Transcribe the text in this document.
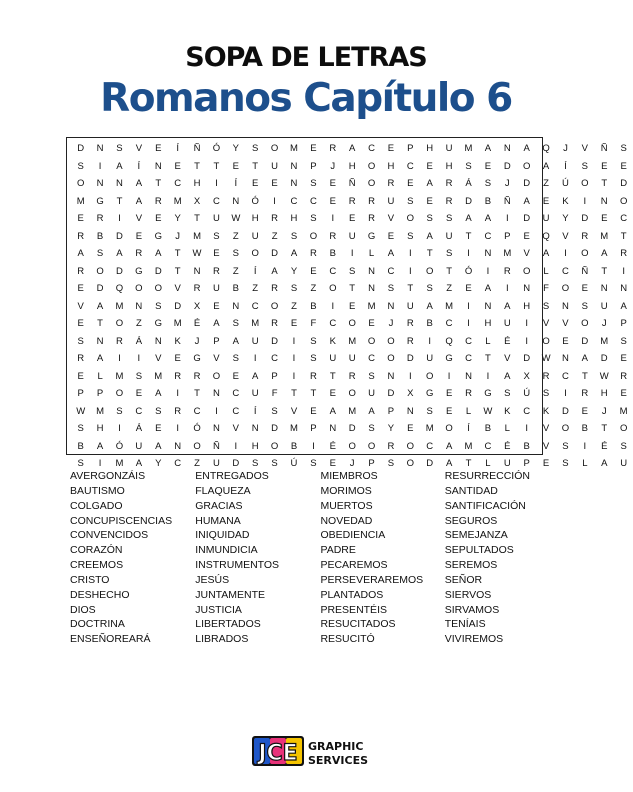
SOPA DE LETRAS
Romanos Capítulo 6
D	N	S	V	E	Í	Ñ	Ó	Y	S	O	M	E	R	A	C	E	P	H	U	M	A	N	A	Q	J	V	Ñ	S
S	I	A	Í	N	E	T	T	E	T	U	N	P	J	H	O	H	C	E	H	S	E	D	O	A	Í	S	E	E
O	N	N	A	T	C	H	I	Í	E	E	N	S	E	Ñ	O	R	E	A	R	Á	S	J	D	Z	Ú	O	T	D
M	G	T	A	R	M	X	C	N	Ó	I	C	C	E	R	R	U	S	E	R	D	B	Ñ	A	E	K	I	N	O
E	R	I	V	E	Y	T	U	W	H	R	H	S	I	E	R	V	O	S	S	A	A	I	D	U	Y	D	E	C
R	B	D	E	G	J	M	S	Z	U	Z	S	O	R	U	G	E	S	A	U	T	C	P	E	Q	V	R	M	T
A	S	A	R	A	T	W	E	S	O	D	A	R	B	I	L	A	I	T	S	I	N	M	V	A	I	O	A	R
R	O	D	G	D	T	N	R	Z	Í	A	Y	E	C	S	N	C	I	O	T	Ó	I	R	O	L	C	Ñ	T	I
E	D	Q	O	O	V	R	U	B	Z	R	S	Z	O	T	N	S	T	S	Z	E	A	I	N	F	O	E	N	N
V	A	M	N	S	D	X	E	N	C	O	Z	B	I	E	M	N	U	A	M	I	N	A	H	S	N	S	U	A
E	T	O	Z	G	M	É	A	S	M	R	E	F	C	O	E	J	R	B	C	I	H	U	I	V	V	O	J	P
S	N	R	Á	N	K	J	P	A	U	D	I	S	K	M	O	O	R	I	Q	C	L	É	I	O	E	D	M	S
R	A	I	I	V	E	G	V	S	I	C	I	S	U	U	C	O	D	U	G	C	T	V	D	W	N	A	D	E
E	L	M	S	M	R	R	O	E	A	P	I	R	T	R	S	N	I	O	I	N	I	A	X	R	C	T	W	R
P	P	O	E	A	I	T	N	C	U	F	T	T	E	O	U	D	X	G	E	R	G	S	Ú	S	I	R	H	E
W	M	S	C	S	R	C	I	C	Í	S	V	E	A	M	A	P	N	S	E	L	W	K	C	K	D	E	J	M
S	H	I	Á	E	I	Ó	N	V	N	D	M	P	N	D	S	Y	E	M	O	Í	B	L	I	V	O	B	T	O
B	A	Ó	U	A	N	O	Ñ	I	H	O	B	I	É	O	O	R	O	C	A	M	C	É	B	V	S	I	É	S
S	I	M	A	Y	C	Z	U	D	S	S	Ú	S	E	J	P	S	O	D	A	T	L	U	P	E	S	L	A	U
AVERGONZÁIS
BAUTISMO
COLGADO
CONCUPISCENCIAS
CONVENCIDOS
CORAZÓN
CREEMOS
CRISTO
DESHECHO
DIOS
DOCTRINA
ENSEÑOREARÁ
ENTREGADOS
FLAQUEZA
GRACIAS
HUMANA
INIQUIDAD
INMUNDICIA
INSTRUMENTOS
JESÚS
JUNTAMENTE
JUSTICIA
LIBERTADOS
LIBRADOS
MIEMBROS
MORIMOS
MUERTOS
NOVEDAD
OBEDIENCIA
PADRE
PECAREMOS
PERSEVERAREMOS
PLANTADOS
PRESENTÉIS
RESUCITADOS
RESUCITÓ
RESURRECCIÓN
SANTIDAD
SANTIFICACIÓN
SEGUROS
SEMEJANZA
SEPULTADOS
SEREMOS
SEÑOR
SIERVOS
SIRVAMOS
TENÍAIS
VIVIREMOS
JCE GRAPHIC
SERVICES
